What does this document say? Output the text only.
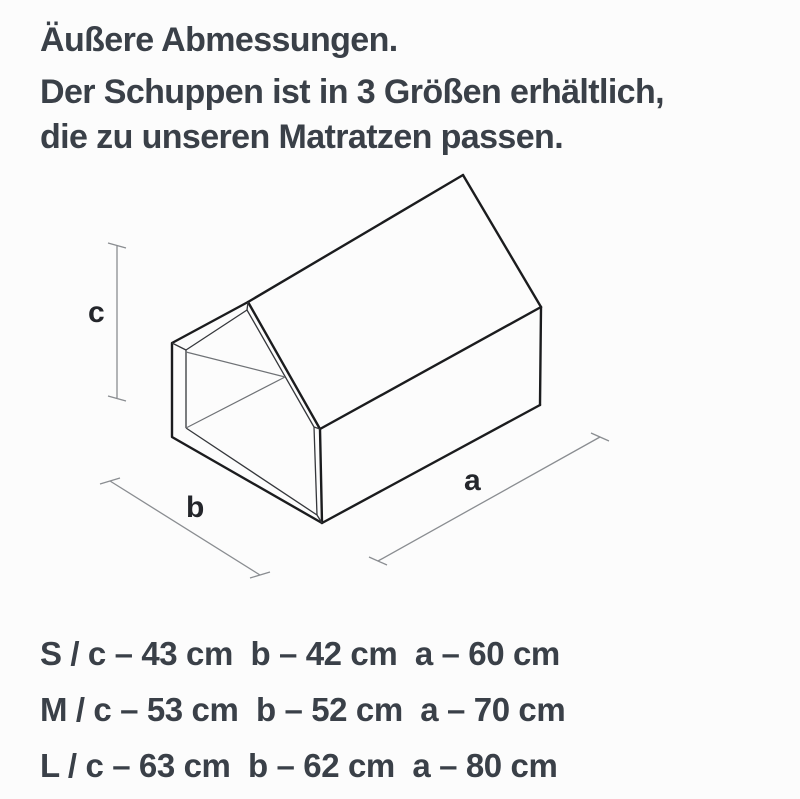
Äußere Abmessungen.

Der Schuppen ist in 3 Größen erhältlich,
die zu unseren Matratzen passen.

c
b
a
S / c – 43 cm  b – 42 cm  a – 60 cm
M / c – 53 cm  b – 52 cm  a – 70 cm
L / c – 63 cm  b – 62 cm  a – 80 cm
